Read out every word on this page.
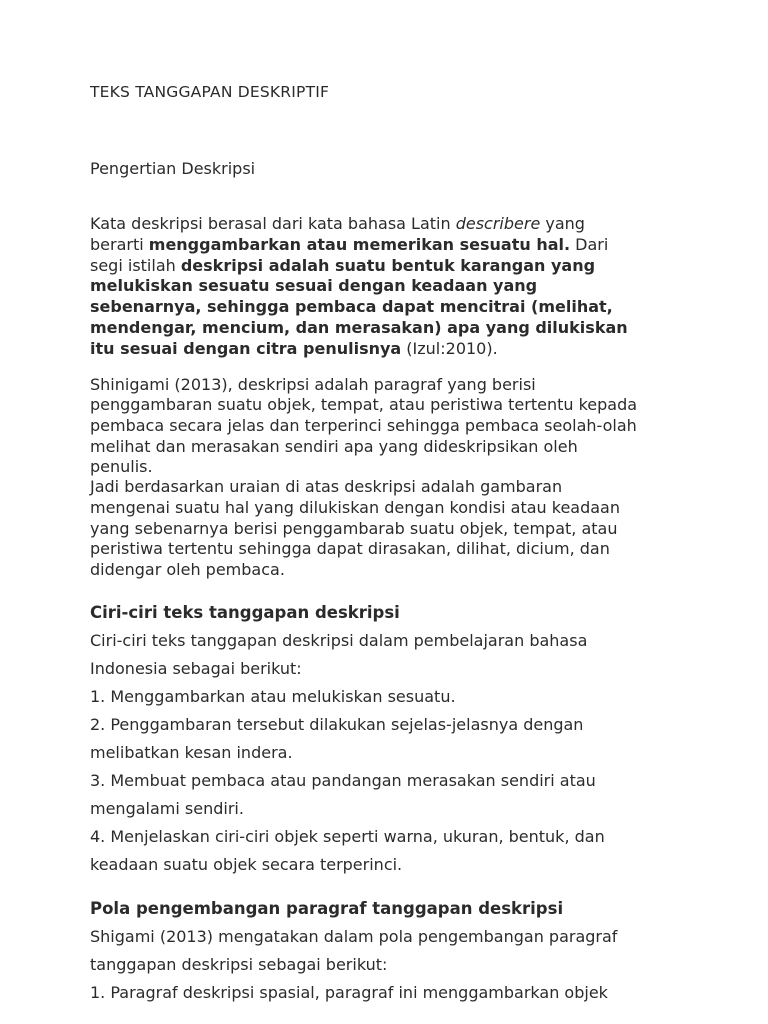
TEKS TANGGAPAN DESKRIPTIF
Pengertian Deskripsi
Kata deskripsi berasal dari kata bahasa Latin describere yang
berarti menggambarkan atau memerikan sesuatu hal. Dari
segi istilah deskripsi adalah suatu bentuk karangan yang
melukiskan sesuatu sesuai dengan keadaan yang
sebenarnya, sehingga pembaca dapat mencitrai (melihat,
mendengar, mencium, dan merasakan) apa yang dilukiskan
itu sesuai dengan citra penulisnya (Izul:2010).
Shinigami (2013), deskripsi adalah paragraf yang berisi
penggambaran suatu objek, tempat, atau peristiwa tertentu kepada
pembaca secara jelas dan terperinci sehingga pembaca seolah-olah
melihat dan merasakan sendiri apa yang dideskripsikan oleh
penulis.
Jadi berdasarkan uraian di atas deskripsi adalah gambaran
mengenai suatu hal yang dilukiskan dengan kondisi atau keadaan
yang sebenarnya berisi penggambarab suatu objek, tempat, atau
peristiwa tertentu sehingga dapat dirasakan, dilihat, dicium, dan
didengar oleh pembaca.
Ciri-ciri teks tanggapan deskripsi
Ciri-ciri teks tanggapan deskripsi dalam pembelajaran bahasa
Indonesia sebagai berikut:
1. Menggambarkan atau melukiskan sesuatu.
2. Penggambaran tersebut dilakukan sejelas-jelasnya dengan
melibatkan kesan indera.
3. Membuat pembaca atau pandangan merasakan sendiri atau
mengalami sendiri.
4. Menjelaskan ciri-ciri objek seperti warna, ukuran, bentuk, dan
keadaan suatu objek secara terperinci.
Pola pengembangan paragraf tanggapan deskripsi
Shigami (2013) mengatakan dalam pola pengembangan paragraf
tanggapan deskripsi sebagai berikut:
1. Paragraf deskripsi spasial, paragraf ini menggambarkan objek
